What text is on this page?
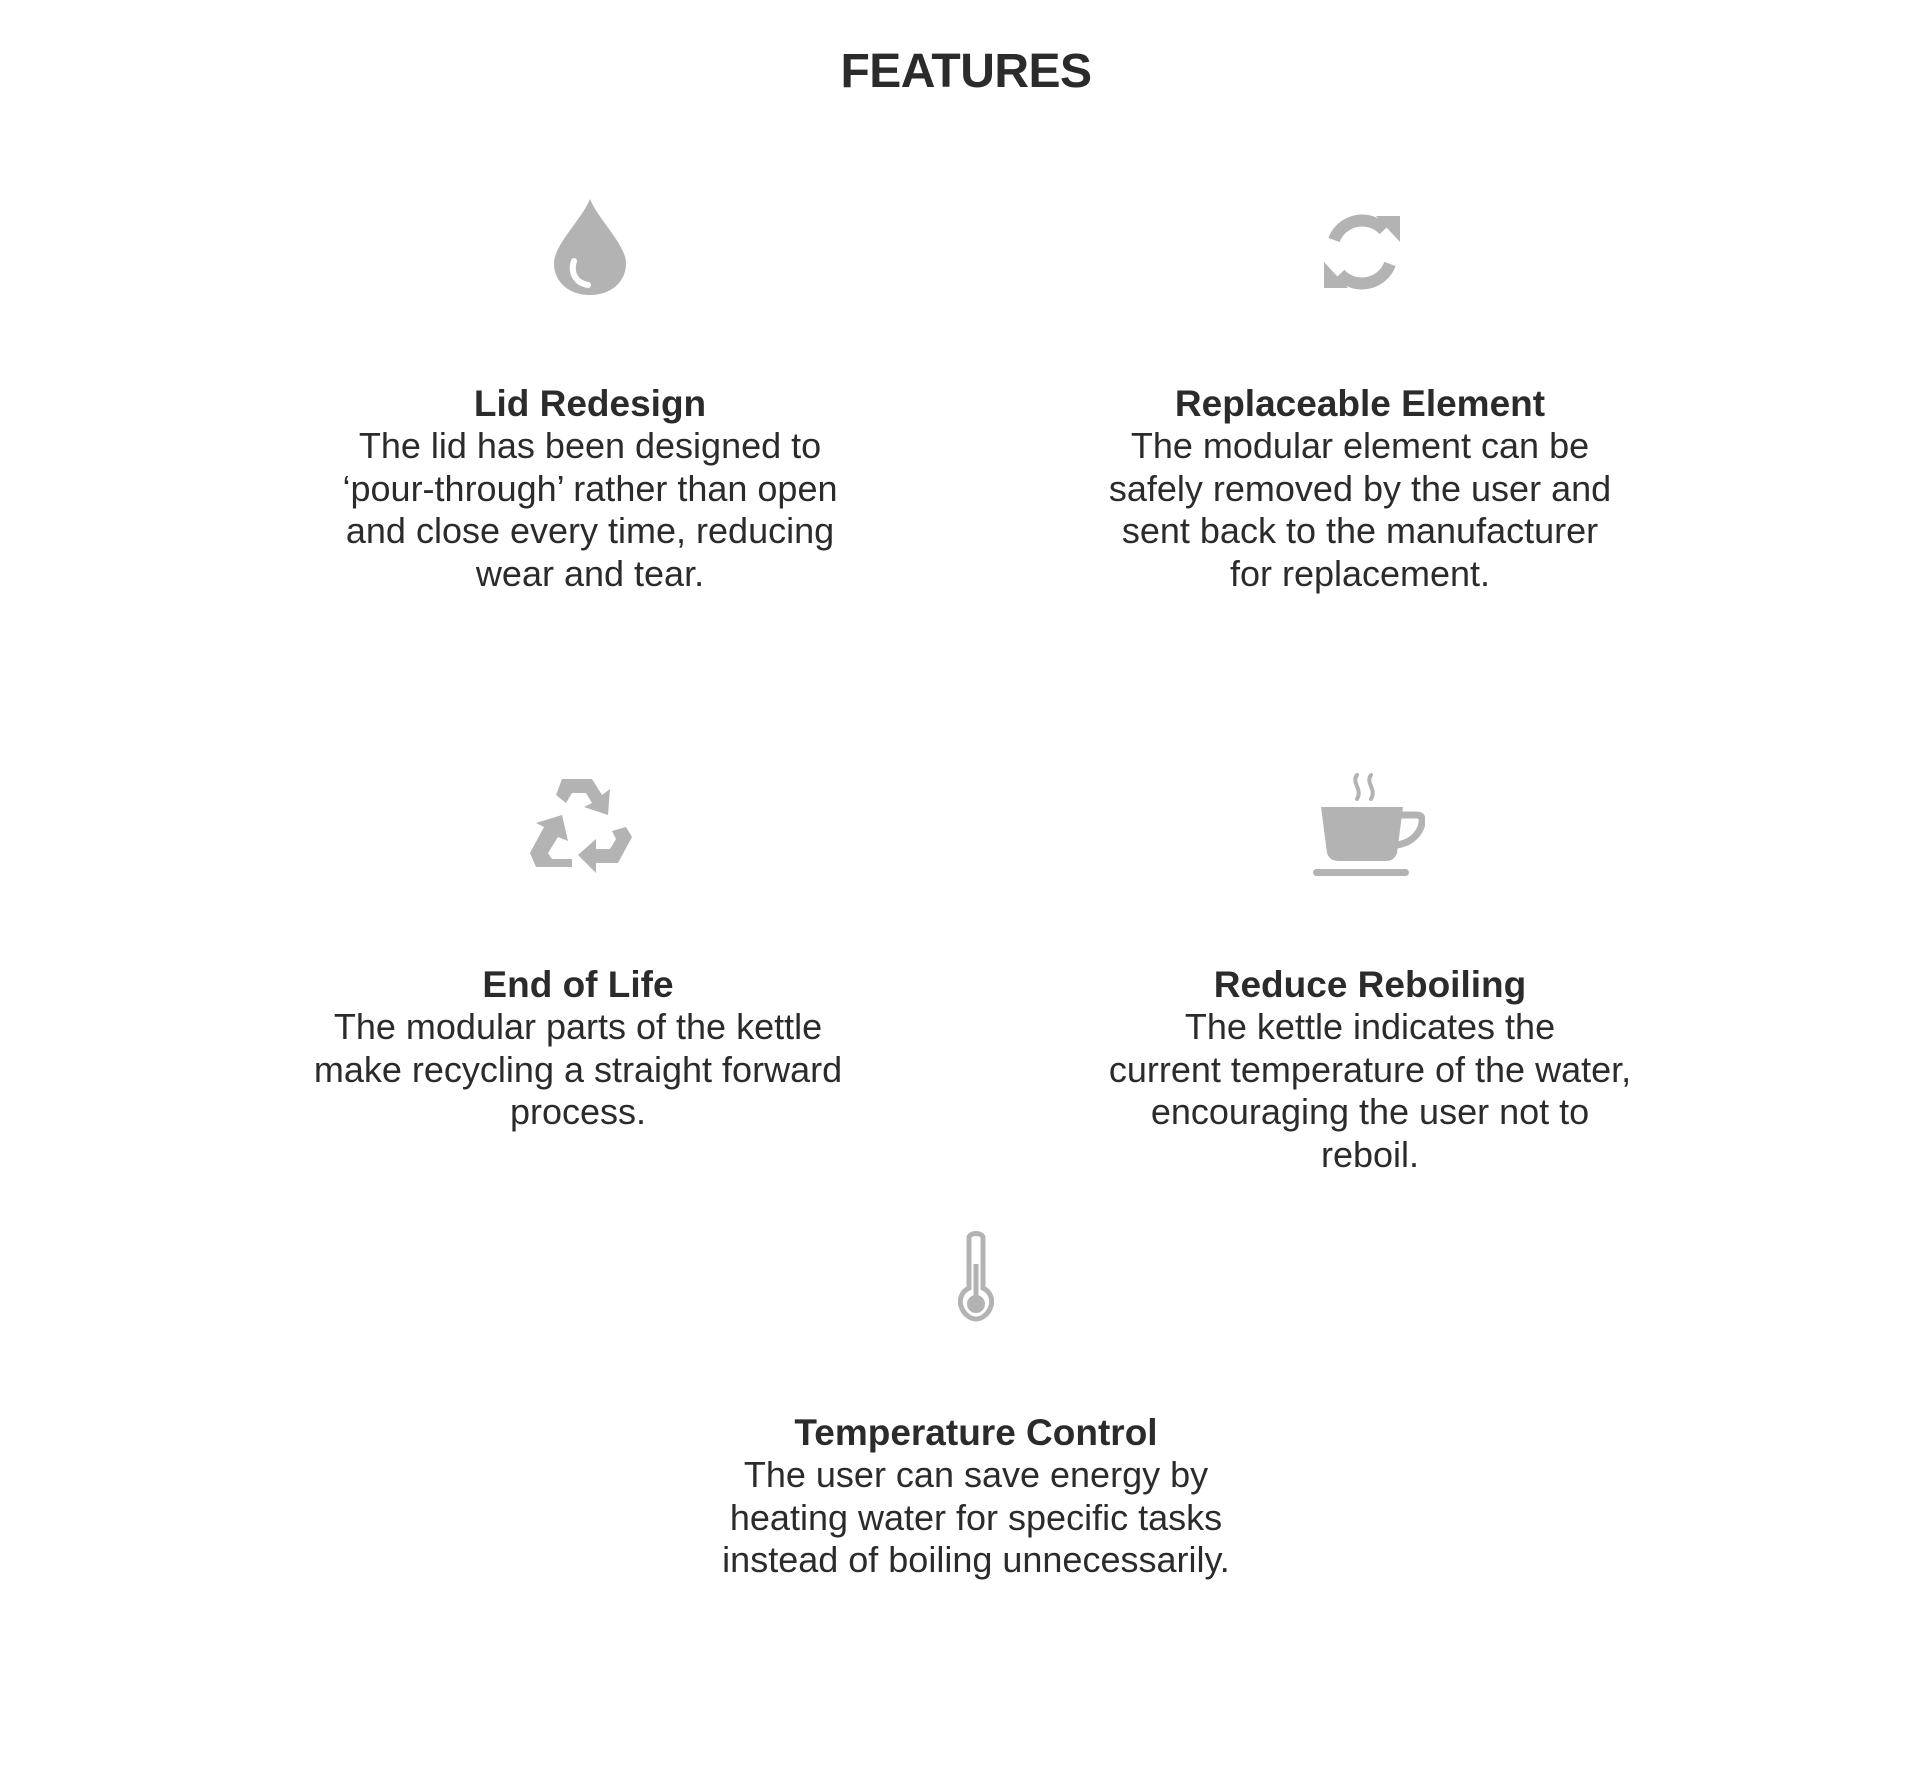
FEATURES

Lid Redesign

The lid has been designed to
‘pour-through’ rather than open
and close every time, reducing
wear and tear.

Replaceable Element

The modular element can be
safely removed by the user and
sent back to the manufacturer
for replacement.

End of Life

The modular parts of the kettle
make recycling a straight forward
process.

Reduce Reboiling

The kettle indicates the
current temperature of the water,
encouraging the user not to
reboil.

Temperature Control

The user can save energy by
heating water for specific tasks
instead of boiling unnecessarily.
